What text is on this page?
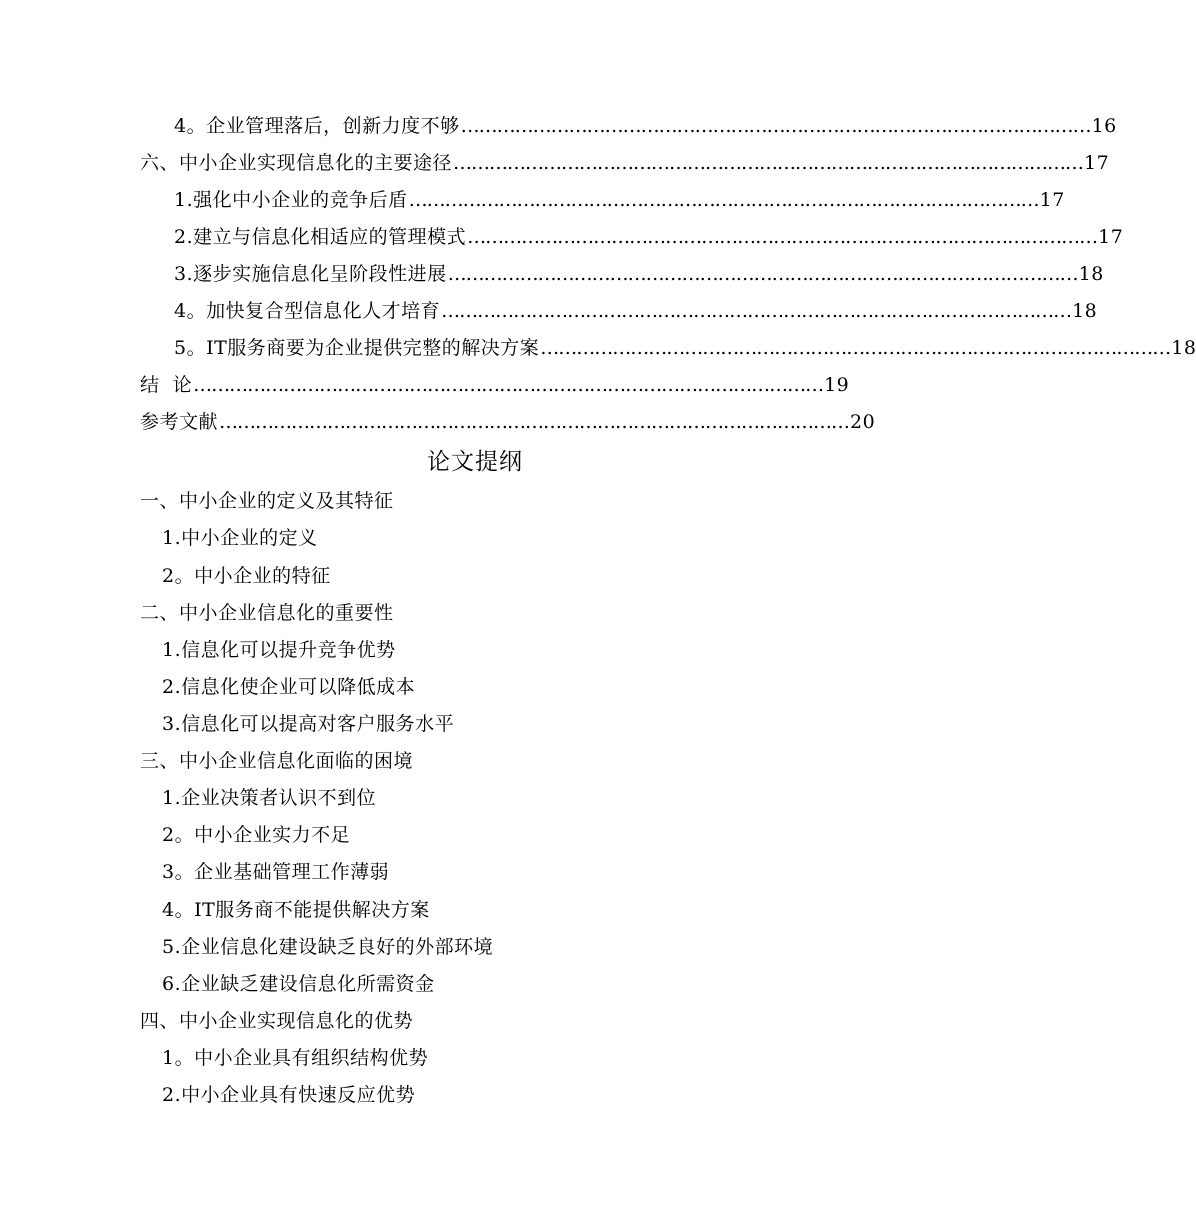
4。企业管理落后，创新力度不够 …………………………………………………………………………………………… 16
六、中小企业实现信息化的主要途径 …………………………………………………………………………………………… 17
1.强化中小企业的竞争后盾 …………………………………………………………………………………………… 17
2.建立与信息化相适应的管理模式 …………………………………………………………………………………………… 17
3.逐步实施信息化呈阶段性进展 …………………………………………………………………………………………… 18
4。加快复合型信息化人才培育 …………………………………………………………………………………………… 18
5。IT服务商要为企业提供完整的解决方案 …………………………………………………………………………………………… 18
结  论 …………………………………………………………………………………………… 19
参考文献 …………………………………………………………………………………………… 20
论文提纲
一、中小企业的定义及其特征
1.中小企业的定义
2。中小企业的特征
二、中小企业信息化的重要性
1.信息化可以提升竞争优势
2.信息化使企业可以降低成本
3.信息化可以提高对客户服务水平
三、中小企业信息化面临的困境
1.企业决策者认识不到位
2。中小企业实力不足
3。企业基础管理工作薄弱
4。IT服务商不能提供解决方案
5.企业信息化建设缺乏良好的外部环境
6.企业缺乏建设信息化所需资金
四、中小企业实现信息化的优势
1。中小企业具有组织结构优势
2.中小企业具有快速反应优势
